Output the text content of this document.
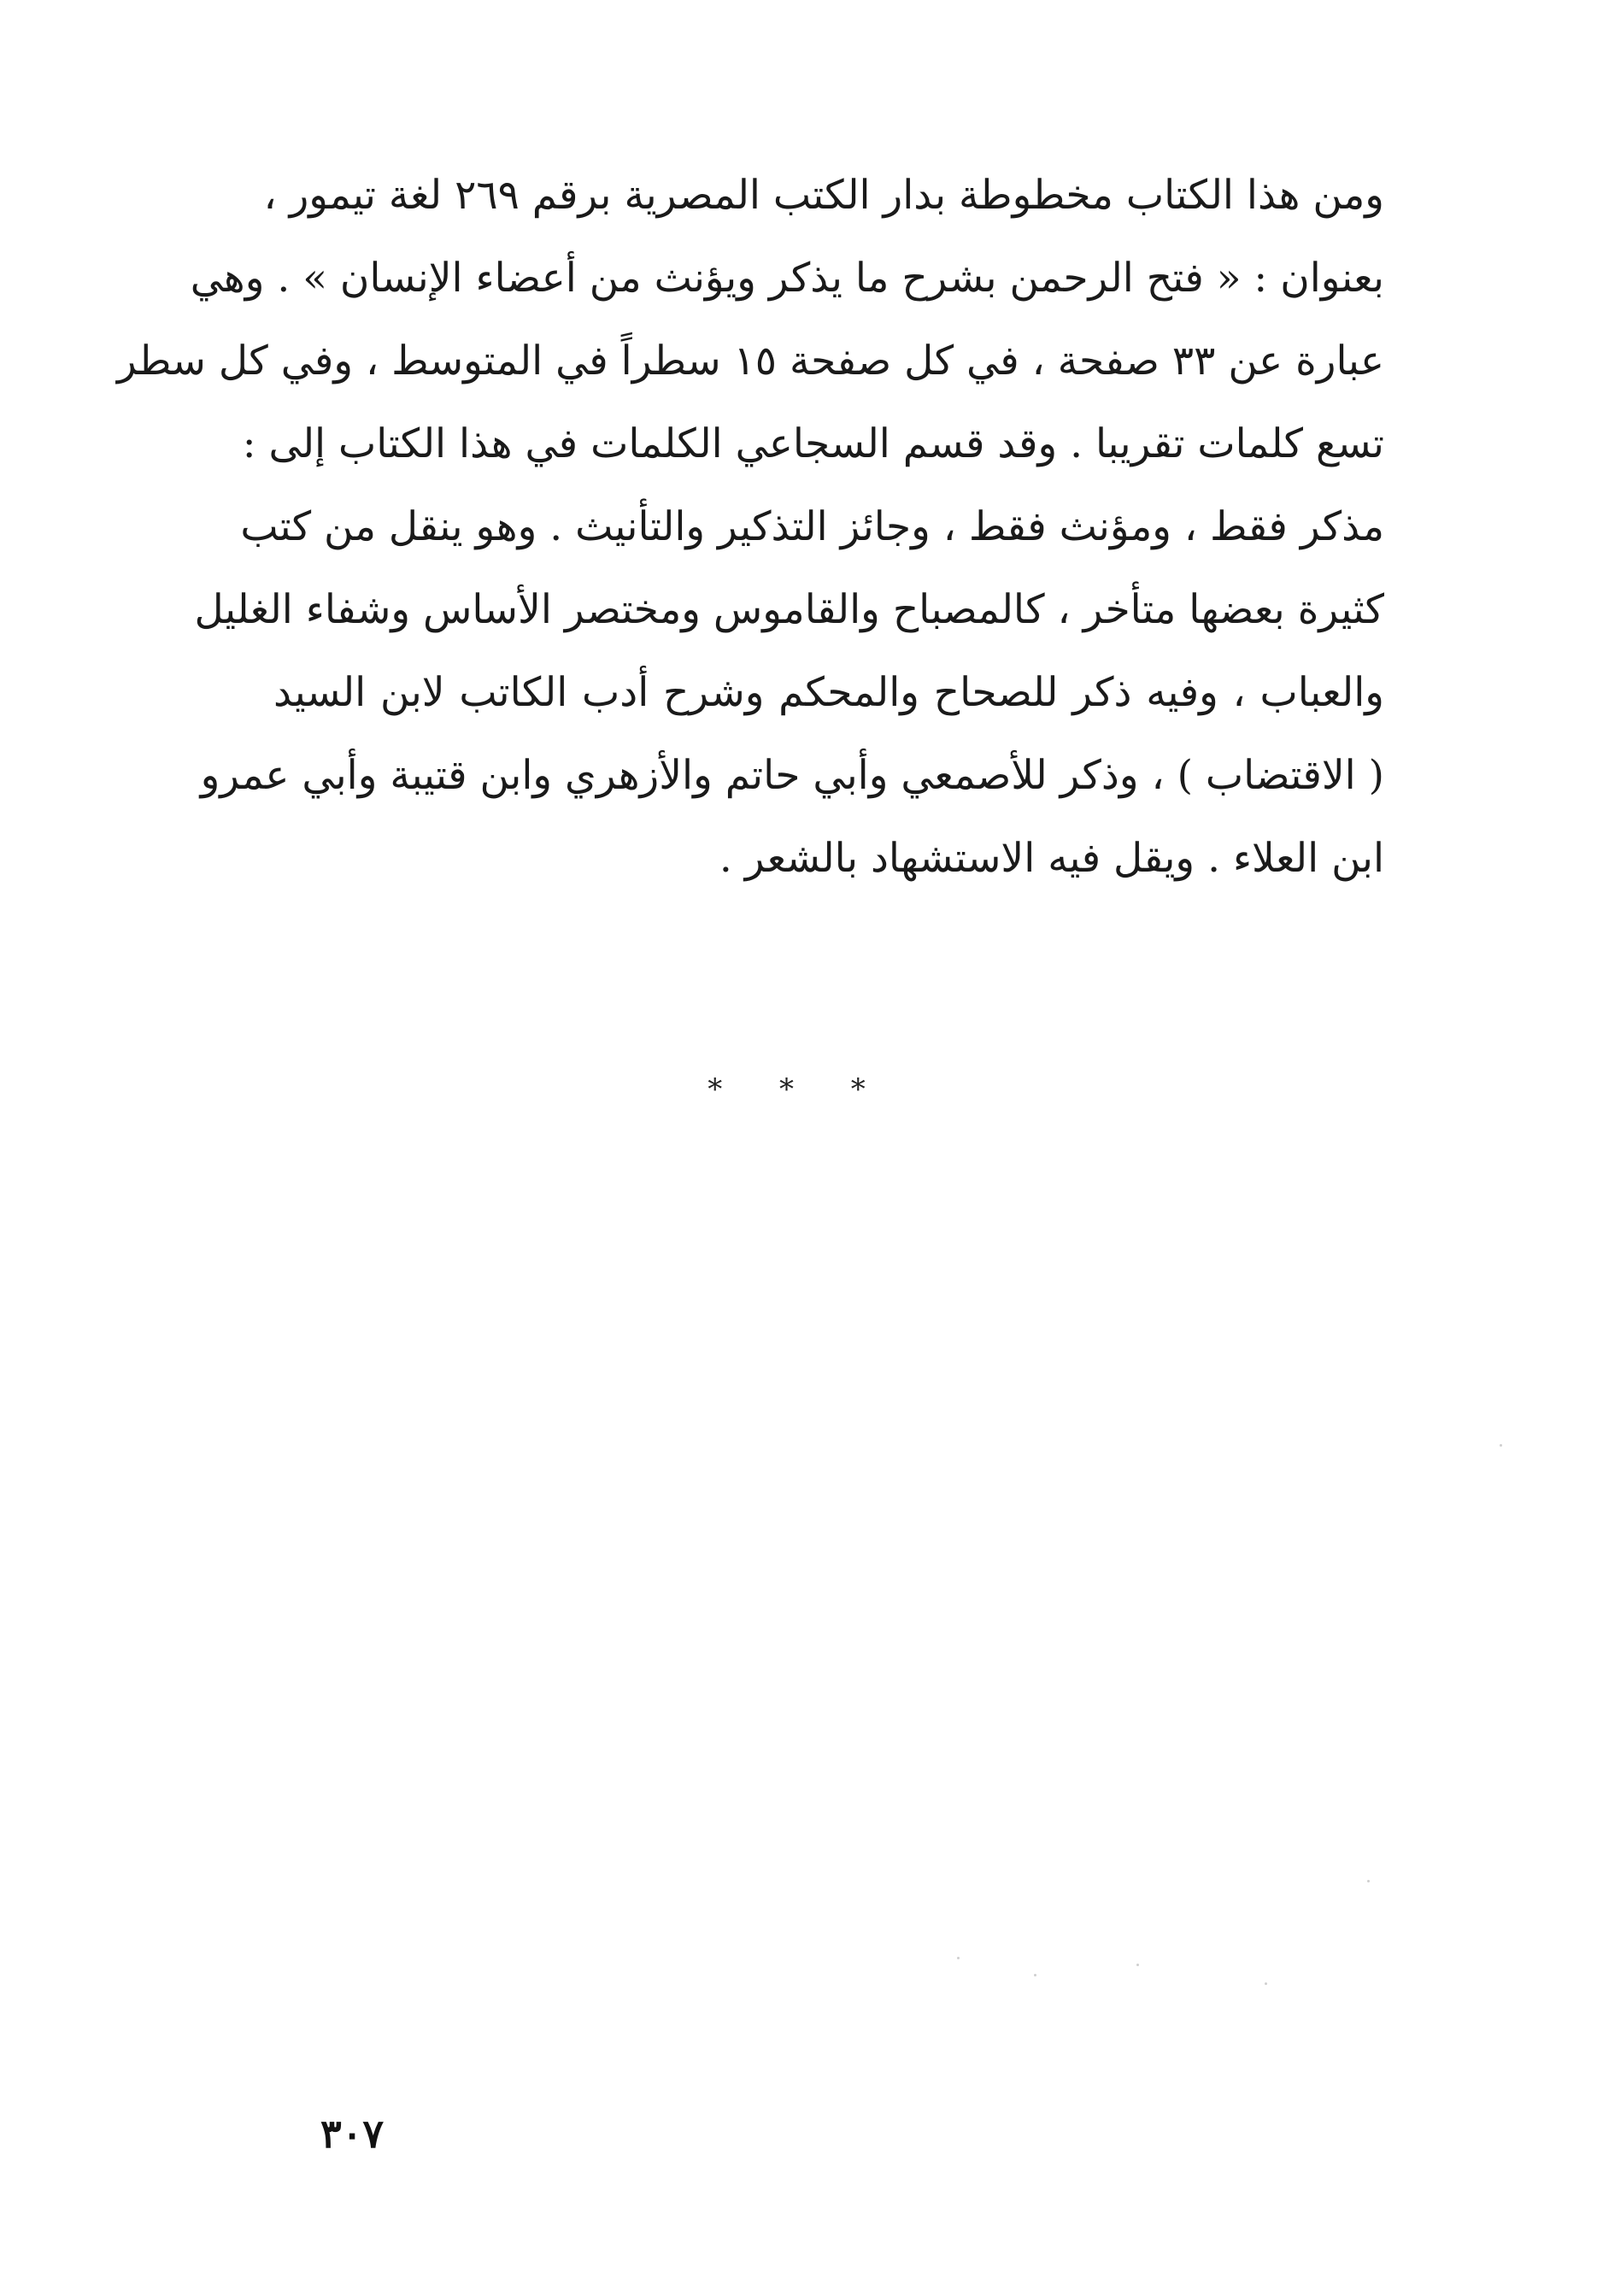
ومن هذا الكتاب مخطوطة بدار الكتب المصرية برقم ٢٦٩ لغة تيمور ،
بعنوان : « فتح الرحمن بشرح ما يذكر ويؤنث من أعضاء الإنسان » . وهي
عبارة عن ٣٣ صفحة ، في كل صفحة ١٥ سطراً في المتوسط ، وفي كل سطر
تسع كلمات تقريبا . وقد قسم السجاعي الكلمات في هذا الكتاب إلى :
مذكر فقط ، ومؤنث فقط ، وجائز التذكير والتأنيث . وهو ينقل من كتب
كثيرة بعضها متأخر ، كالمصباح والقاموس ومختصر الأساس وشفاء الغليل
والعباب ، وفيه ذكر للصحاح والمحكم وشرح أدب الكاتب لابن السيد
( الاقتضاب ) ، وذكر للأصمعي وأبي حاتم والأزهري وابن قتيبة وأبي عمرو
ابن العلاء . ويقل فيه الاستشهاد بالشعر .
* * *
٣٠٧
